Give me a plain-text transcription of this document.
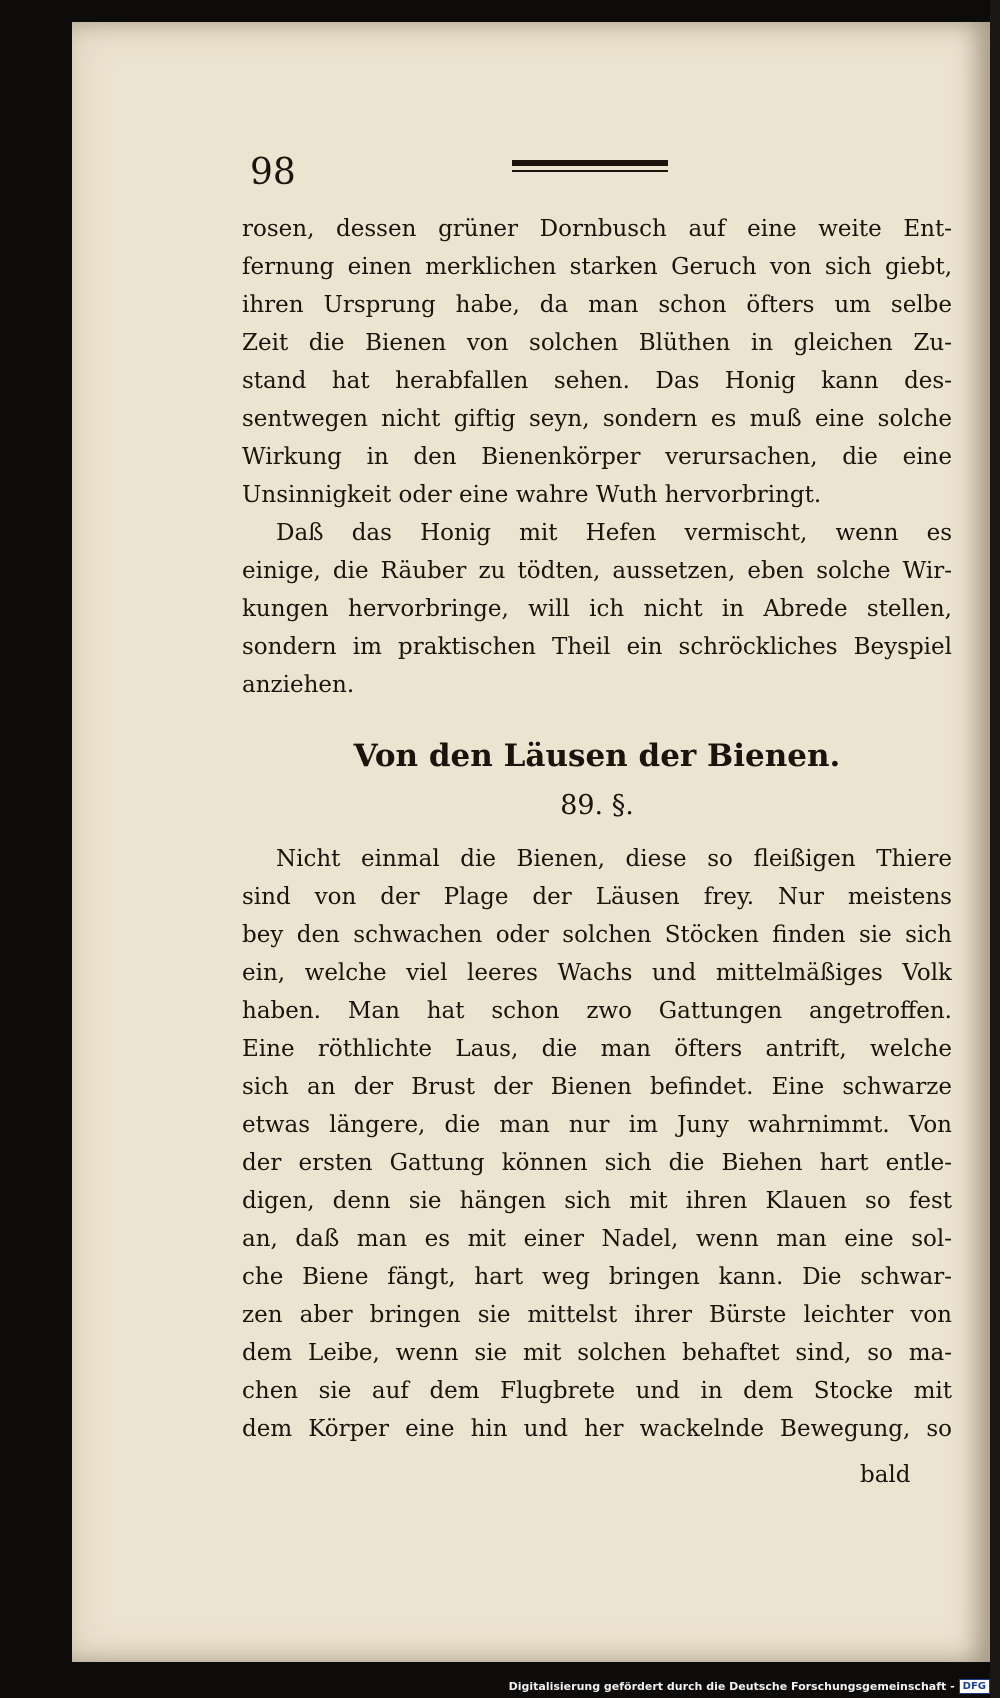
98
rosen, dessen grüner Dornbusch auf eine weite Ent-
fernung einen merklichen starken Geruch von sich giebt,
ihren Ursprung habe, da man schon öfters um selbe
Zeit die Bienen von solchen Blüthen in gleichen Zu-
stand hat herabfallen sehen. Das Honig kann des-
sentwegen nicht giftig seyn, sondern es muß eine solche
Wirkung in den Bienenkörper verursachen, die eine
Unsinnigkeit oder eine wahre Wuth hervorbringt.
Daß das Honig mit Hefen vermischt, wenn es
einige, die Räuber zu tödten, aussetzen, eben solche Wir-
kungen hervorbringe, will ich nicht in Abrede stellen,
sondern im praktischen Theil ein schröckliches Beyspiel
anziehen.
Von den Läusen der Bienen.
89. §.
Nicht einmal die Bienen, diese so fleißigen Thiere
sind von der Plage der Läusen frey. Nur meistens
bey den schwachen oder solchen Stöcken finden sie sich
ein, welche viel leeres Wachs und mittelmäßiges Volk
haben. Man hat schon zwo Gattungen angetroffen.
Eine röthlichte Laus, die man öfters antrift, welche
sich an der Brust der Bienen befindet. Eine schwarze
etwas längere, die man nur im Juny wahrnimmt. Von
der ersten Gattung können sich die Biehen hart entle-
digen, denn sie hängen sich mit ihren Klauen so fest
an, daß man es mit einer Nadel, wenn man eine sol-
che Biene fängt, hart weg bringen kann. Die schwar-
zen aber bringen sie mittelst ihrer Bürste leichter von
dem Leibe, wenn sie mit solchen behaftet sind, so ma-
chen sie auf dem Flugbrete und in dem Stocke mit
dem Körper eine hin und her wackelnde Bewegung, so
bald
Digitalisierung gefördert durch die Deutsche Forschungsgemeinschaft - DFG
